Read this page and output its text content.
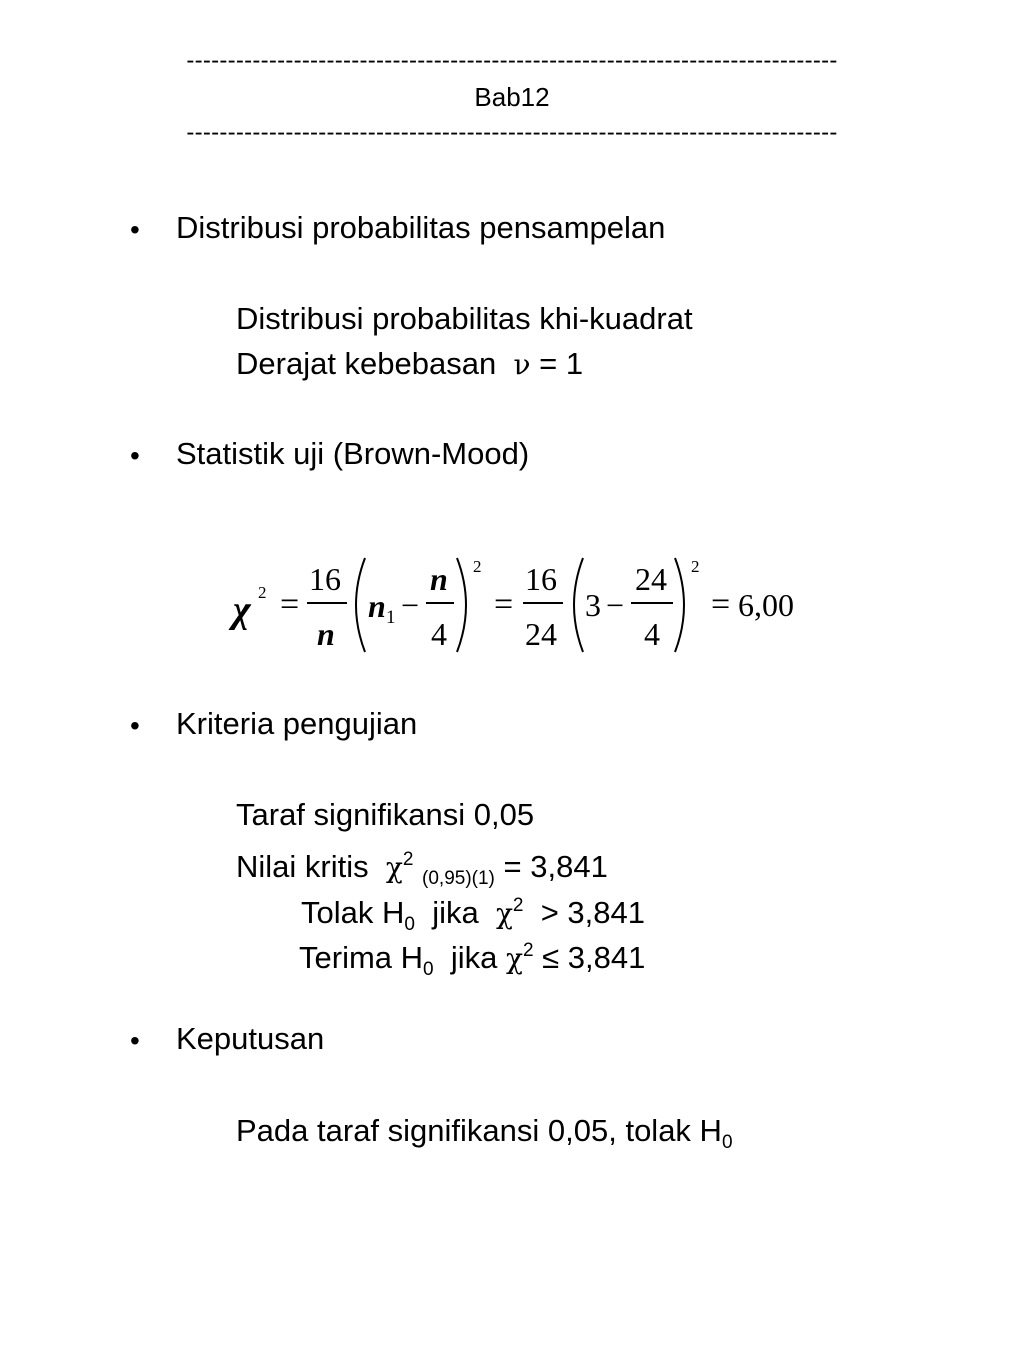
-------------------------------------------------------------------------------
Bab12
-------------------------------------------------------------------------------
• Distribusi probabilitas pensampelan
Distribusi probabilitas khi-kuadrat
Derajat kebebasan ν = 1
• Statistik uji (Brown-Mood)
χ 2 =
16
n
n 1 −
n
4
2
=
16
24
3 −
24
4
2
= 6,00
• Kriteria pengujian
Taraf signifikansi 0,05
Nilai kritis $\chi^2$ $_{(0,95)(1)}$ = 3,841
Tolak $H_0$ jika $\chi^2 > 3,841$
Terima $H_0$ jika $\chi^2 \le 3,841$
• Keputusan
Pada taraf signifikansi 0,05, tolak $H_0$
